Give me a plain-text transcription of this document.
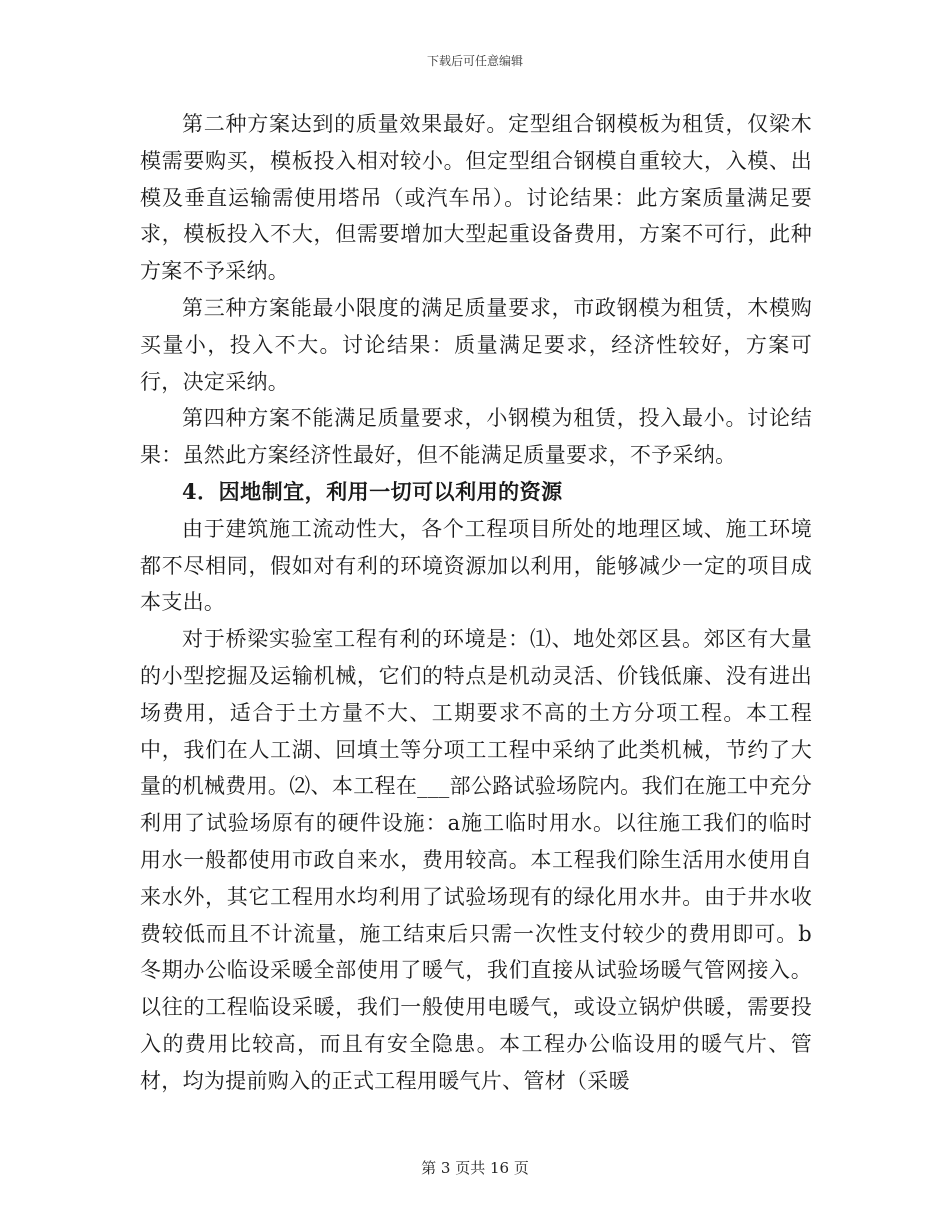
下载后可任意编辑

第二种方案达到的质量效果最好。定型组合钢模板为租赁，仅梁木模需要购买，模板投入相对较小。但定型组合钢模自重较大，入模、出模及垂直运输需使用塔吊（或汽车吊）。讨论结果：此方案质量满足要求，模板投入不大，但需要增加大型起重设备费用，方案不可行，此种方案不予采纳。

第三种方案能最小限度的满足质量要求，市政钢模为租赁，木模购买量小，投入不大。讨论结果：质量满足要求，经济性较好，方案可行，决定采纳。

第四种方案不能满足质量要求，小钢模为租赁，投入最小。讨论结果：虽然此方案经济性最好，但不能满足质量要求，不予采纳。

4．因地制宜，利用一切可以利用的资源

由于建筑施工流动性大，各个工程项目所处的地理区域、施工环境都不尽相同，假如对有利的环境资源加以利用，能够减少一定的项目成本支出。

对于桥梁实验室工程有利的环境是：⑴、地处郊区县。郊区有大量的小型挖掘及运输机械，它们的特点是机动灵活、价钱低廉、没有进出场费用，适合于土方量不大、工期要求不高的土方分项工程。本工程中，我们在人工湖、回填土等分项工工程中采纳了此类机械，节约了大量的机械费用。⑵、本工程在___部公路试验场院内。我们在施工中充分利用了试验场原有的硬件设施：a施工临时用水。以往施工我们的临时用水一般都使用市政自来水，费用较高。本工程我们除生活用水使用自来水外，其它工程用水均利用了试验场现有的绿化用水井。由于井水收费较低而且不计流量，施工结束后只需一次性支付较少的费用即可。b冬期办公临设采暖全部使用了暖气，我们直接从试验场暖气管网接入。以往的工程临设采暖，我们一般使用电暖气，或设立锅炉供暖，需要投入的费用比较高，而且有安全隐患。本工程办公临设用的暖气片、管材，均为提前购入的正式工程用暖气片、管材（采暖

第 3 页共 16 页
